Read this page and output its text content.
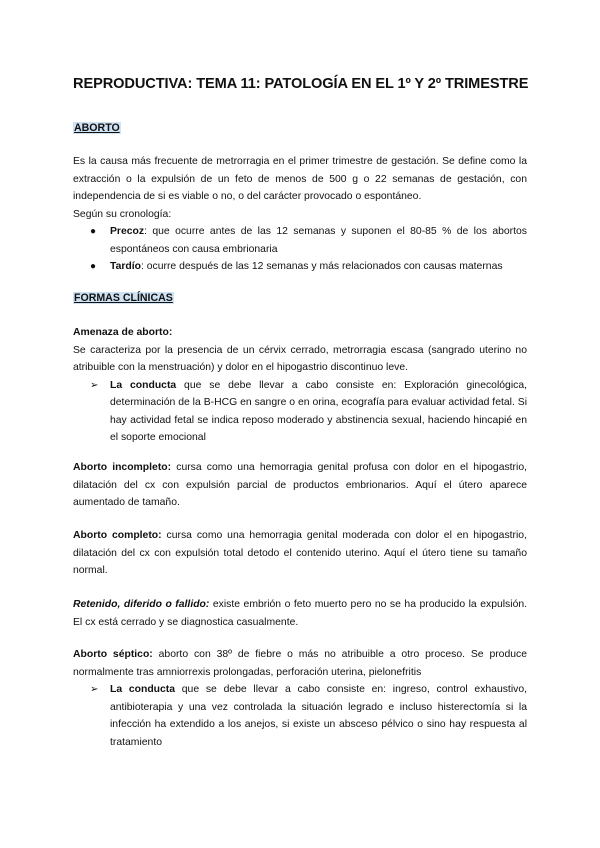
REPRODUCTIVA: TEMA 11: PATOLOGÍA EN EL 1º Y 2º TRIMESTRE
ABORTO

Es la causa más frecuente de metrorragia en el primer trimestre de gestación. Se define como la extracción o la expulsión de un feto de menos de 500 g o 22 semanas de gestación, con independencia de si es viable o no, o del carácter provocado o espontáneo.

Según su cronología:

● Precoz: que ocurre antes de las 12 semanas y suponen el 80-85 % de los abortos espontáneos con causa embrionaria
● Tardío: ocurre después de las 12 semanas y más relacionados con causas maternas
FORMAS CLÍNICAS

Amenaza de aborto:

Se caracteriza por la presencia de un cérvix cerrado, metrorragia escasa (sangrado uterino no atribuible con la menstruación) y dolor en el hipogastrio discontinuo leve.

➢ La conducta que se debe llevar a cabo consiste en: Exploración ginecológica, determinación de la B-HCG en sangre o en orina, ecografía para evaluar actividad fetal. Si hay actividad fetal se indica reposo moderado y abstinencia sexual, haciendo hincapié en el soporte emocional

Aborto incompleto: cursa como una hemorragia genital profusa con dolor en el hipogastrio, dilatación del cx con expulsión parcial de productos embrionarios. Aquí el útero aparece aumentado de tamaño.

Aborto completo: cursa como una hemorragia genital moderada con dolor el en hipogastrio, dilatación del cx con expulsión total detodo el contenido uterino. Aquí el útero tiene su tamaño normal.

Retenido, diferido o fallido: existe embrión o feto muerto pero no se ha producido la expulsión. El cx está cerrado y se diagnostica casualmente.

Aborto séptico: aborto con 38º de fiebre o más no atribuible a otro proceso. Se produce normalmente tras amniorrexis prolongadas, perforación uterina, pielonefritis

➢ La conducta que se debe llevar a cabo consiste en: ingreso, control exhaustivo, antibioterapia y una vez controlada la situación legrado e incluso histerectomía si la infección ha extendido a los anejos, si existe un absceso pélvico o sino hay respuesta al tratamiento
